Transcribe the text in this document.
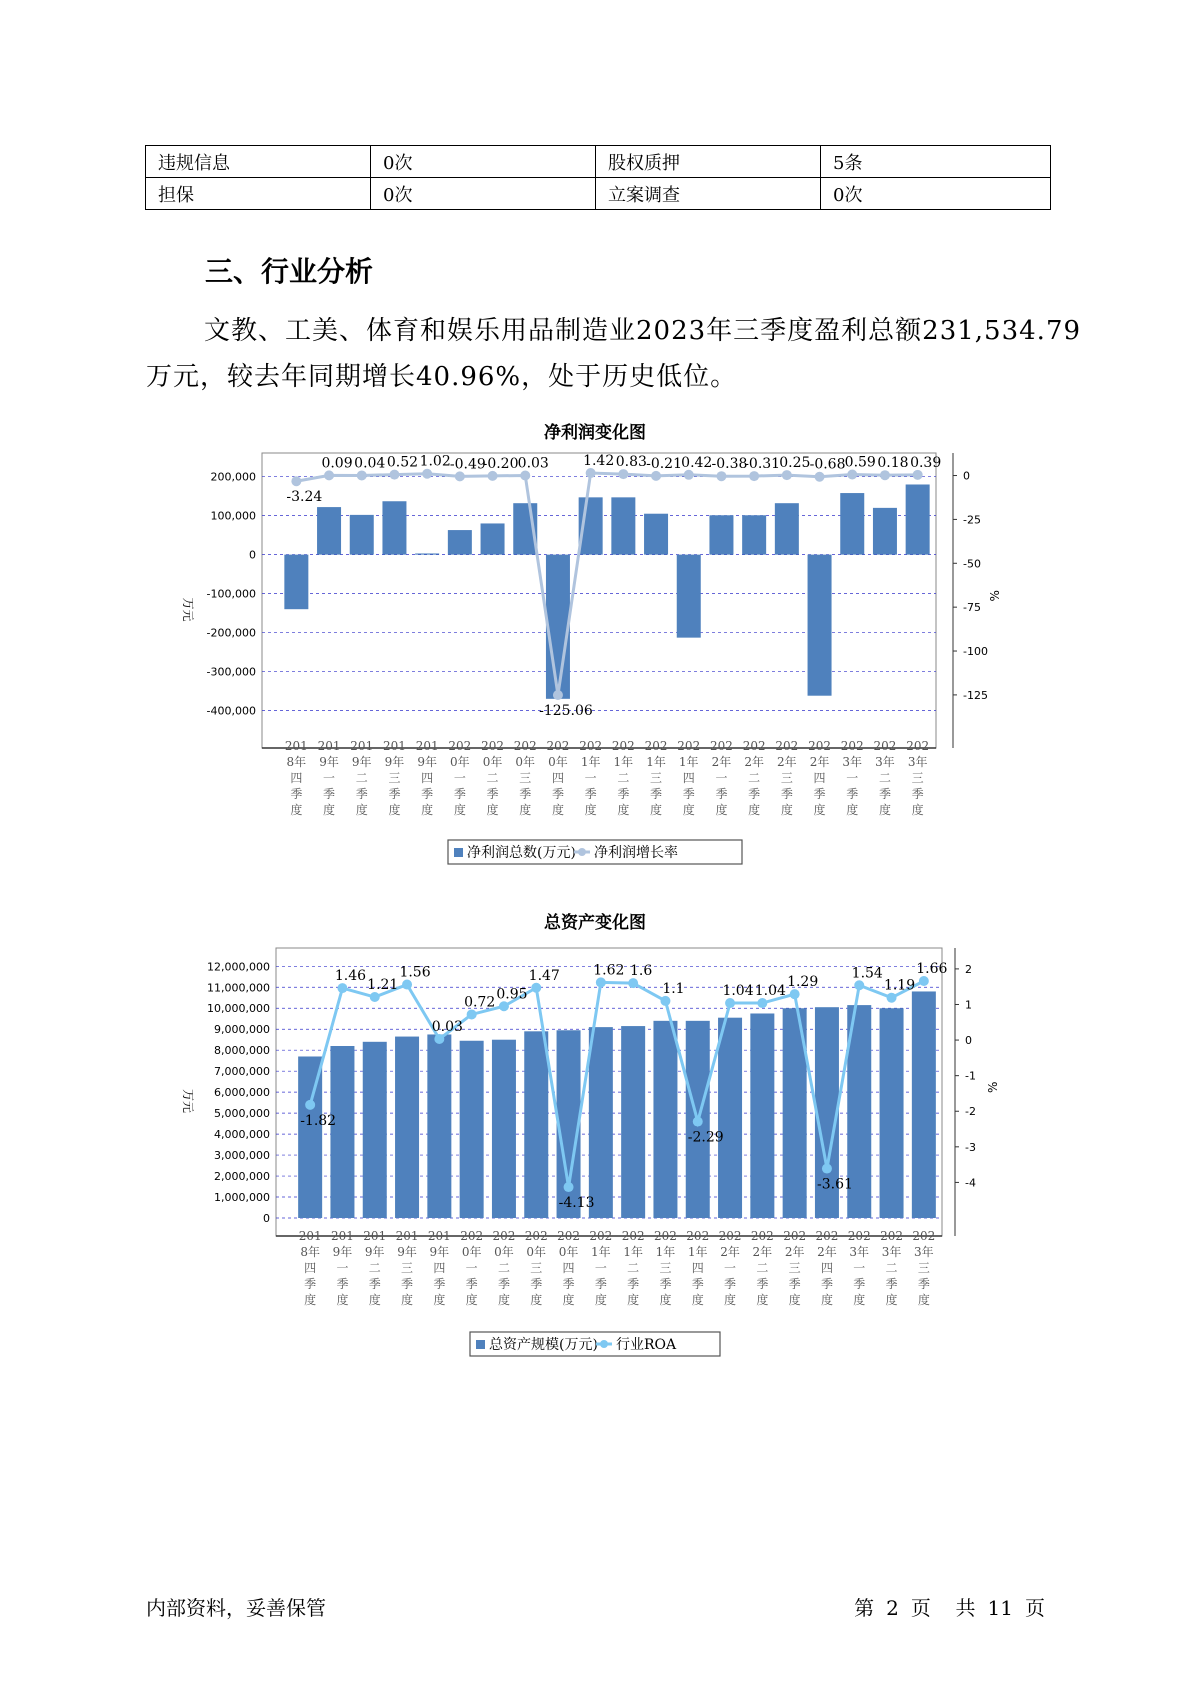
违规信息	0次	股权质押	5条
担保	0次	立案调查	0次
三、行业分析

文教、工美、体育和娱乐用品制造业2023年三季度盈利总额231,534.79万元，较去年同期增长40.96%，处于历史低位。

净利润变化图
200,000
100,000
0
-100,000
-200,000
-300,000
-400,000
0
-25
-50
-75
-100
-125
万元
%
-3.24
0.09 0.04 0.52 1.02 -0.49
-0.20 0.03
-125.06
1.42 0.83 -0.21 0.42 -0.38
-0.31 0.25 -0.68 0.59 0.18 0.39
201
8年
四
季
度
201
9年
一
季
度
201
9年
二
季
度
201
9年
三
季
度
201
9年
四
季
度
202
0年
一
季
度
202
0年
二
季
度
202
0年
三
季
度
202
0年
四
季
度
202
1年
一
季
度
202
1年
二
季
度
202
1年
三
季
度
202
1年
四
季
度
202
2年
一
季
度
202
2年
二
季
度
202
2年
三
季
度
202
2年
四
季
度
202
3年
一
季
度
202
3年
二
季
度
202
3年
三
季
度
净利润总数(万元) 净利润增长率
总资产变化图
12,000,000
11,000,000
10,000,000
9,000,000
8,000,000
7,000,000
6,000,000
5,000,000
4,000,000
3,000,000
2,000,000
1,000,000
0
2
1
0
-1
-2
-3
-4
万元
%
-1.82
1.46
1.21
1.56
0.03
0.72
0.95
1.47
-4.13
1.62 1.6
1.1
-2.29
1.04 1.04
1.29
-3.61
1.54
1.19
1.66
201
8年
四
季
度
201
9年
一
季
度
201
9年
二
季
度
201
9年
三
季
度
201
9年
四
季
度
202
0年
一
季
度
202
0年
二
季
度
202
0年
三
季
度
202
0年
四
季
度
202
1年
一
季
度
202
1年
二
季
度
202
1年
三
季
度
202
1年
四
季
度
202
2年
一
季
度
202
2年
二
季
度
202
2年
三
季
度
202
2年
四
季
度
202
3年
一
季
度
202
3年
二
季
度
202
3年
三
季
度
总资产规模(万元) 行业ROA
内部资料，妥善保管	第 2 页 共 11 页
